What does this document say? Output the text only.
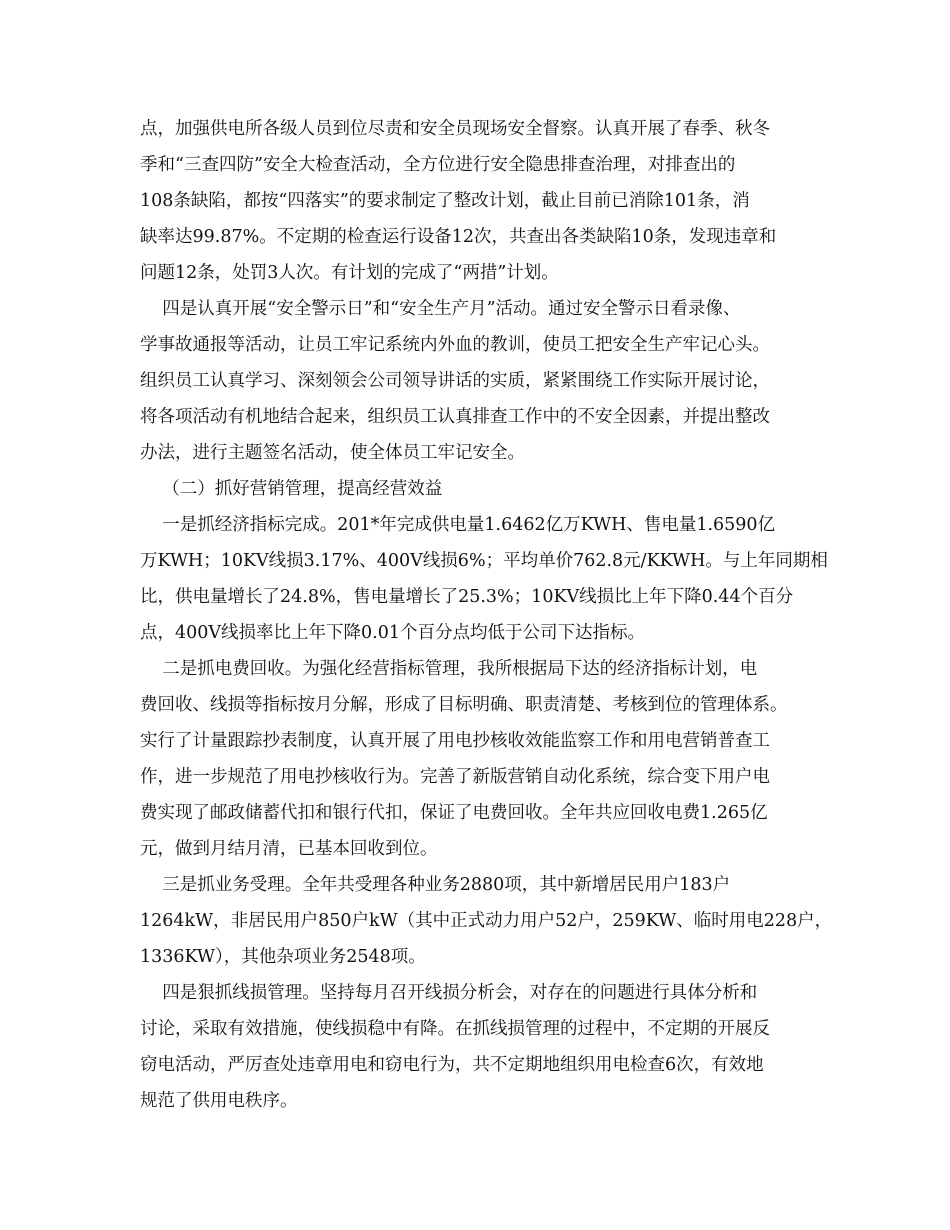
点，加强供电所各级人员到位尽责和安全员现场安全督察。认真开展了春季、秋冬
季和“三查四防”安全大检查活动，全方位进行安全隐患排查治理，对排查出的
108条缺陷，都按“四落实”的要求制定了整改计划，截止目前已消除101条，消
缺率达99.87%。不定期的检查运行设备12次，共查出各类缺陷10条，发现违章和
问题12条，处罚3人次。有计划的完成了“两措”计划。
四是认真开展“安全警示日”和“安全生产月”活动。通过安全警示日看录像、
学事故通报等活动，让员工牢记系统内外血的教训，使员工把安全生产牢记心头。
组织员工认真学习、深刻领会公司领导讲话的实质，紧紧围绕工作实际开展讨论，
将各项活动有机地结合起来，组织员工认真排查工作中的不安全因素，并提出整改
办法，进行主题签名活动，使全体员工牢记安全。
（二）抓好营销管理，提高经营效益
一是抓经济指标完成。201*年完成供电量1.6462亿万KWH、售电量1.6590亿
万KWH；10KV线损3.17%、400V线损6%；平均单价762.8元/KKWH。与上年同期相
比，供电量增长了24.8%，售电量增长了25.3%；10KV线损比上年下降0.44个百分
点，400V线损率比上年下降0.01个百分点均低于公司下达指标。
二是抓电费回收。为强化经营指标管理，我所根据局下达的经济指标计划，电
费回收、线损等指标按月分解，形成了目标明确、职责清楚、考核到位的管理体系。
实行了计量跟踪抄表制度，认真开展了用电抄核收效能监察工作和用电营销普查工
作，进一步规范了用电抄核收行为。完善了新版营销自动化系统，综合变下用户电
费实现了邮政储蓄代扣和银行代扣，保证了电费回收。全年共应回收电费1.265亿
元，做到月结月清，已基本回收到位。
三是抓业务受理。全年共受理各种业务2880项，其中新增居民用户183户
1264kW，非居民用户850户kW（其中正式动力用户52户，259KW、临时用电228户，
1336KW），其他杂项业务2548项。
四是狠抓线损管理。坚持每月召开线损分析会，对存在的问题进行具体分析和
讨论，采取有效措施，使线损稳中有降。在抓线损管理的过程中，不定期的开展反
窃电活动，严厉查处违章用电和窃电行为，共不定期地组织用电检查6次，有效地
规范了供用电秩序。
